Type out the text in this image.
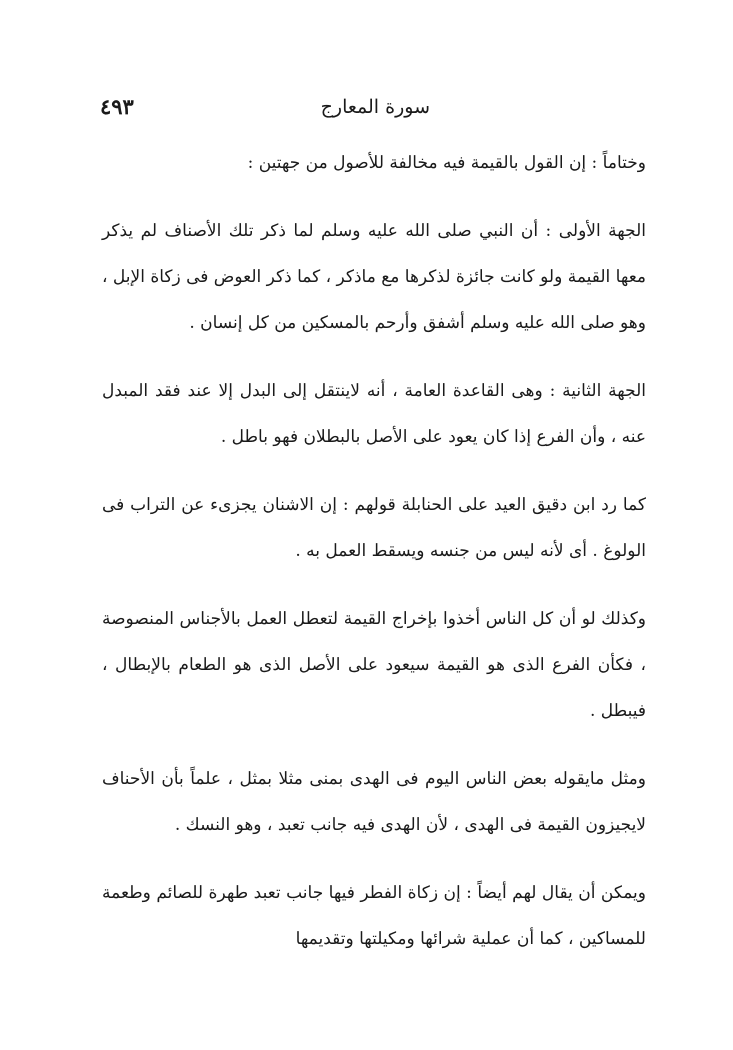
سورة المعارج
٤٩٣

وختاماً : إن القول بالقيمة فيه مخالفة للأصول من جهتين :

الجهة الأولى : أن النبي صلى الله عليه وسلم لما ذكر تلك الأصناف لم يذكر معها القيمة ولو كانت جائزة لذكرها مع ماذكر ، كما ذكر العوض فى زكاة الإبل ، وهو صلى الله عليه وسلم أشفق وأرحم بالمسكين من كل إنسان .

الجهة الثانية : وهى القاعدة العامة ، أنه لاينتقل إلى البدل إلا عند فقد المبدل عنه ، وأن الفرع إذا كان يعود على الأصل بالبطلان فهو باطل .

كما رد ابن دقيق العيد على الحنابلة قولهم : إن الاشنان يجزىء عن التراب فى الولوغ . أى لأنه ليس من جنسه ويسقط العمل به .

وكذلك لو أن كل الناس أخذوا بإخراج القيمة لتعطل العمل بالأجناس المنصوصة ، فكأن الفرع الذى هو القيمة سيعود على الأصل الذى هو الطعام بالإبطال ، فيبطل .

ومثل مايقوله بعض الناس اليوم فى الهدى بمنى مثلا بمثل ، علماً بأن الأحناف لايجيزون القيمة فى الهدى ، لأن الهدى فيه جانب تعبد ، وهو النسك .

ويمكن أن يقال لهم أيضاً : إن زكاة الفطر فيها جانب تعبد طهرة للصائم وطعمة للمساكين ، كما أن عملية شرائها ومكيلتها وتقديمها
